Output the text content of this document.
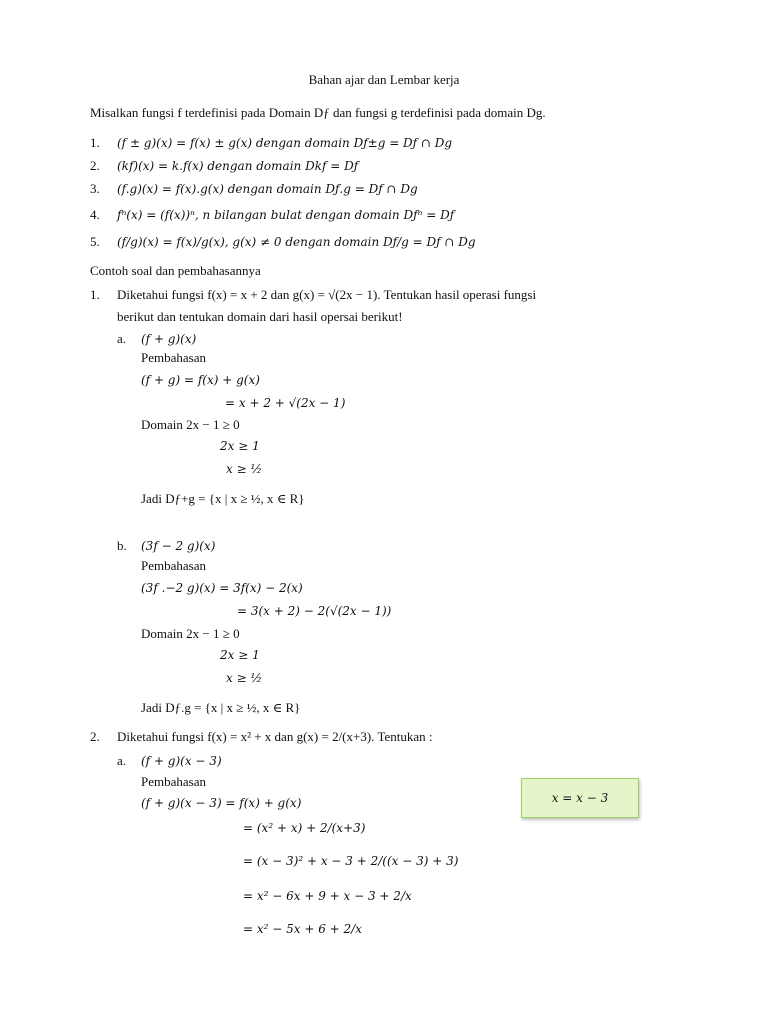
Bahan ajar dan Lembar kerja
Misalkan fungsi f terdefinisi pada Domain Dƒ dan fungsi g terdefinisi pada domain Dg.
1. (f ± g)(x) = f(x) ± g(x) dengan domain Dƒ±g = Dƒ ∩ Dg
2. (kf)(x) = k.f(x) dengan domain Dkf = Dƒ
3. (f.g)(x) = f(x).g(x) dengan domain Dƒ.g = Dƒ ∩ Dg
4. fⁿ(x) = (f(x))ⁿ, n bilangan bulat dengan domain Dƒⁿ = Dƒ
5. (f/g)(x) = f(x)/g(x), g(x) ≠ 0 dengan domain Dƒ/g = Dƒ ∩ Dg
Contoh soal dan pembahasannya
1. Diketahui fungsi f(x) = x + 2 dan g(x) = √(2x − 1). Tentukan hasil operasi fungsi
berikut dan tentukan domain dari hasil opersai berikut!
a. (f + g)(x)
Pembahasan
(f + g) = f(x) + g(x)
= x + 2 + √(2x − 1)
Domain 2x − 1 ≥ 0
2x ≥ 1
x ≥ ½
Jadi Dƒ+g = {x | x ≥ ½, x ∈ R}
b. (3f − 2 g)(x)
Pembahasan
(3f .−2 g)(x) = 3f(x) − 2(x)
= 3(x + 2) − 2(√(2x − 1))
Domain 2x − 1 ≥ 0
2x ≥ 1
x ≥ ½
Jadi Dƒ.g = {x | x ≥ ½, x ∈ R}
2. Diketahui fungsi f(x) = x² + x dan g(x) = 2/(x+3). Tentukan :
a. (f + g)(x − 3)
Pembahasan
(f + g)(x − 3) = f(x) + g(x)
= (x² + x) + 2/(x+3)
= (x − 3)² + x − 3 + 2/((x − 3) + 3)
= x² − 6x + 9 + x − 3 + 2/x
= x² − 5x + 6 + 2/x
x = x − 3
